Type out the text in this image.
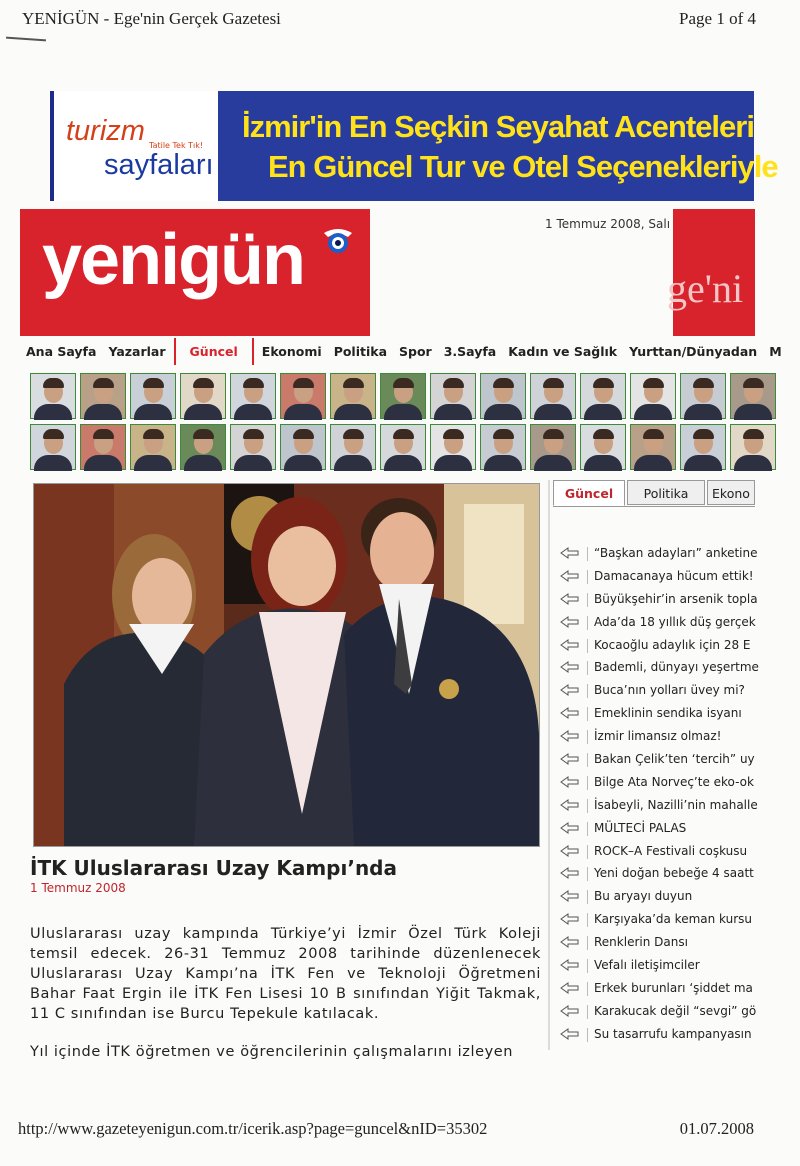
YENİGÜN - Ege'nin Gerçek Gazetesi	Page 1 of 4
turizm Tatile Tek Tık!
sayfaları
İzmir'in En Seçkin Seyahat Acenteleri
En Güncel Tur ve Otel Seçenekleriyle
yenigün	1 Temmuz 2008, Salı
ge'ni
Ana Sayfa Yazarlar Güncel Ekonomi Politika Spor 3.Sayfa Kadın ve Sağlık Yurttan/Dünyadan M
İTK Uluslararası Uzay Kampı’nda
1 Temmuz 2008

Uluslararası uzay kampında Türkiye’yi İzmir Özel Türk Koleji temsil edecek. 26-31 Temmuz 2008 tarihinde düzenlenecek Uluslararası Uzay Kampı’na İTK Fen ve Teknoloji Öğretmeni Bahar Faat Ergin ile İTK Fen Lisesi 10 B sınıfından Yiğit Takmak, 11 C sınıfından ise Burcu Tepekule katılacak.

Yıl içinde İTK öğretmen ve öğrencilerinin çalışmalarını izleyen

Güncel	Politika	Ekono
“Başkan adayları” anketine
Damacanaya hücum ettik!
Büyükşehir’in arsenik topla
Ada’da 18 yıllık düş gerçek
Kocaoğlu adaylık için 28 E
Bademli, dünyayı yeşertme
Buca’nın yolları üvey mi?
Emeklinin sendika isyanı
İzmir limansız olmaz!
Bakan Çelik’ten ‘tercih” uy
Bilge Ata Norveç’te eko-ok
İsabeyli, Nazilli’nin mahalle
MÜLTECİ PALAS
ROCK–A Festivali coşkusu
Yeni doğan bebeğe 4 saatt
Bu aryayı duyun
Karşıyaka’da keman kursu
Renklerin Dansı
Vefalı iletişimciler
Erkek burunları ‘şiddet ma
Karakucak değil “sevgi” gö
Su tasarrufu kampanyasın
http://www.gazeteyenigun.com.tr/icerik.asp?page=guncel&nID=35302	01.07.2008
